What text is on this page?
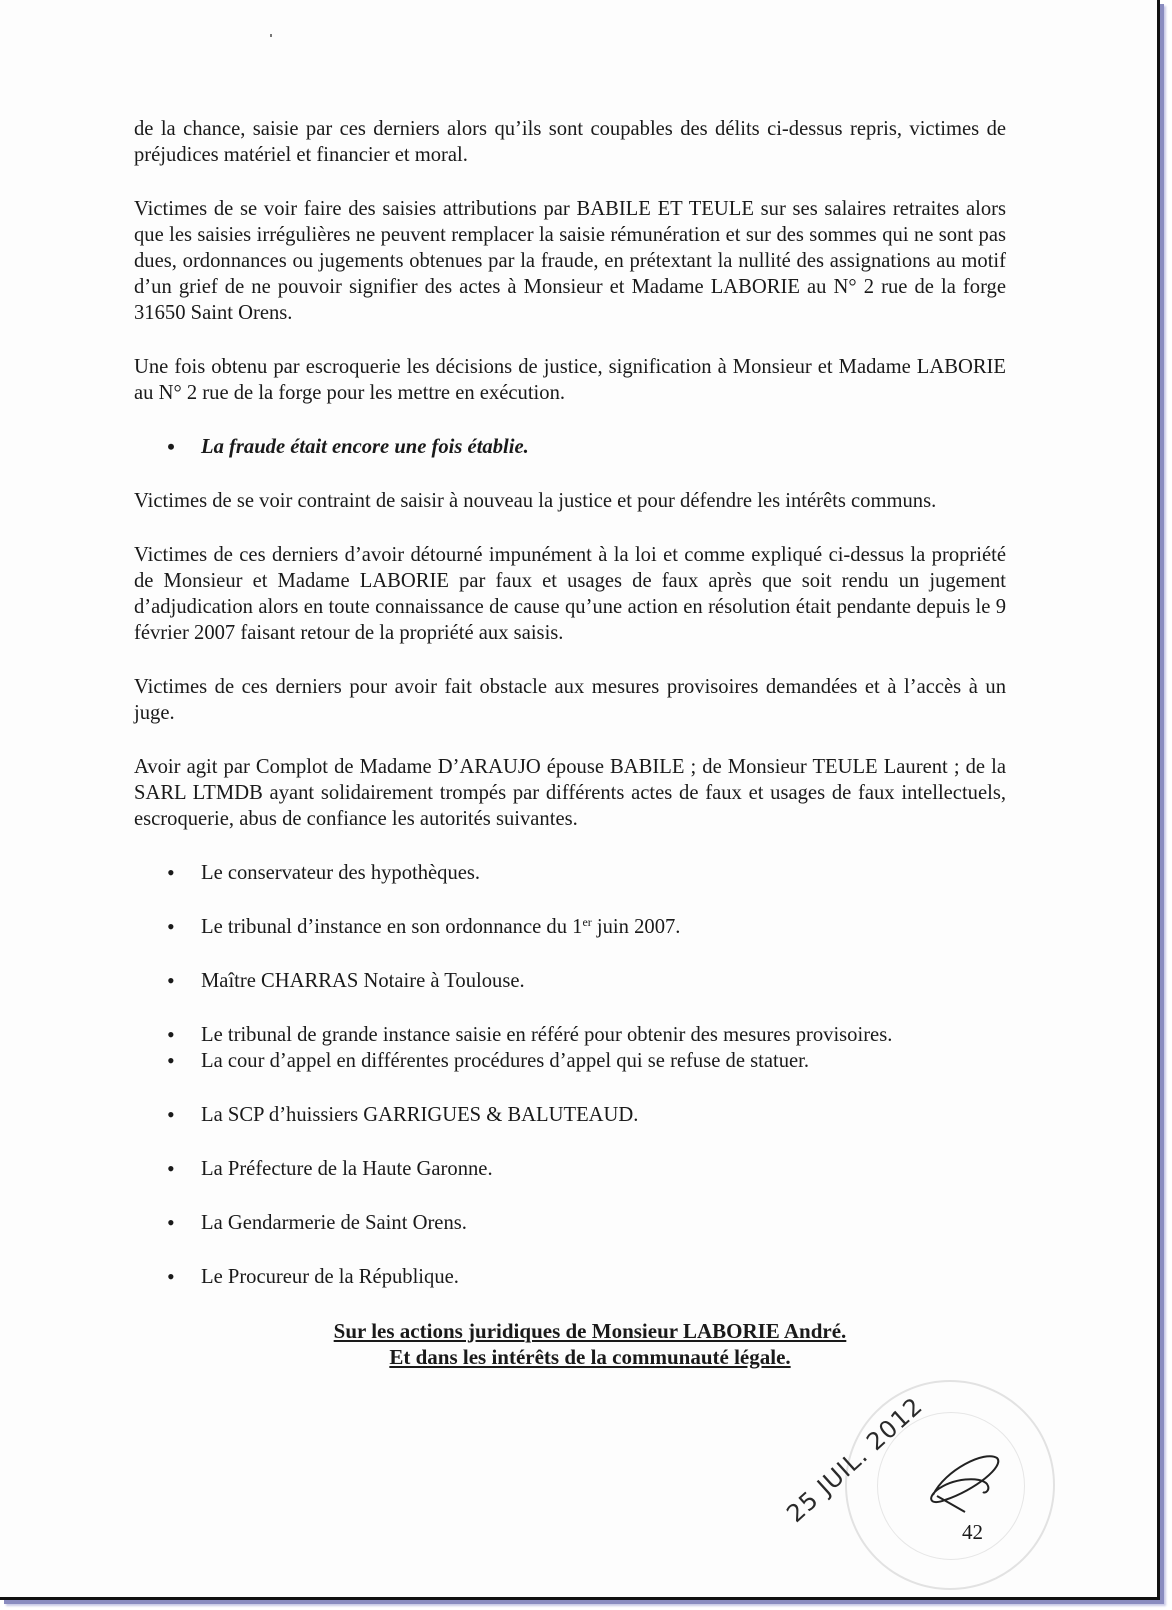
de la chance, saisie par ces derniers alors qu’ils sont coupables des délits ci-dessus repris, victimes de préjudices matériel et financier et moral.

Victimes de se voir faire des saisies attributions par BABILE ET TEULE sur ses salaires retraites alors que les saisies irrégulières ne peuvent remplacer la saisie rémunération et sur des sommes qui ne sont pas dues, ordonnances ou jugements obtenues par la fraude, en prétextant la nullité des assignations au motif d’un grief de ne pouvoir signifier des actes à Monsieur et Madame LABORIE au N° 2 rue de la forge 31650 Saint Orens.

Une fois obtenu par escroquerie les décisions de justice, signification à Monsieur et Madame LABORIE au N° 2 rue de la forge pour les mettre en exécution.

• La fraude était encore une fois établie.

Victimes de se voir contraint de saisir à nouveau la justice et pour défendre les intérêts communs.

Victimes de ces derniers d’avoir détourné impunément à la loi et comme expliqué ci-dessus la propriété de Monsieur et Madame LABORIE par faux et usages de faux après que soit rendu un jugement d’adjudication alors en toute connaissance de cause qu’une action en résolution était pendante depuis le 9 février 2007 faisant retour de la propriété aux saisis.

Victimes de ces derniers pour avoir fait obstacle aux mesures provisoires demandées et à l’accès à un juge.

Avoir agit par Complot de Madame D’ARAUJO épouse BABILE ; de Monsieur TEULE Laurent ; de la SARL LTMDB ayant solidairement trompés par différents actes de faux et usages de faux intellectuels, escroquerie, abus de confiance les autorités suivantes.

• Le conservateur des hypothèques.

• Le tribunal d’instance en son ordonnance du 1er juin 2007.

• Maître CHARRAS Notaire à Toulouse.

• Le tribunal de grande instance saisie en référé pour obtenir des mesures provisoires.

• La cour d’appel en différentes procédures d’appel qui se refuse de statuer.

• La SCP d’huissiers GARRIGUES & BALUTEAUD.

• La Préfecture de la Haute Garonne.

• La Gendarmerie de Saint Orens.

• Le Procureur de la République.

Sur les actions juridiques de Monsieur LABORIE André.

Et dans les intérêts de la communauté légale.

25 JUIL. 2012
42
